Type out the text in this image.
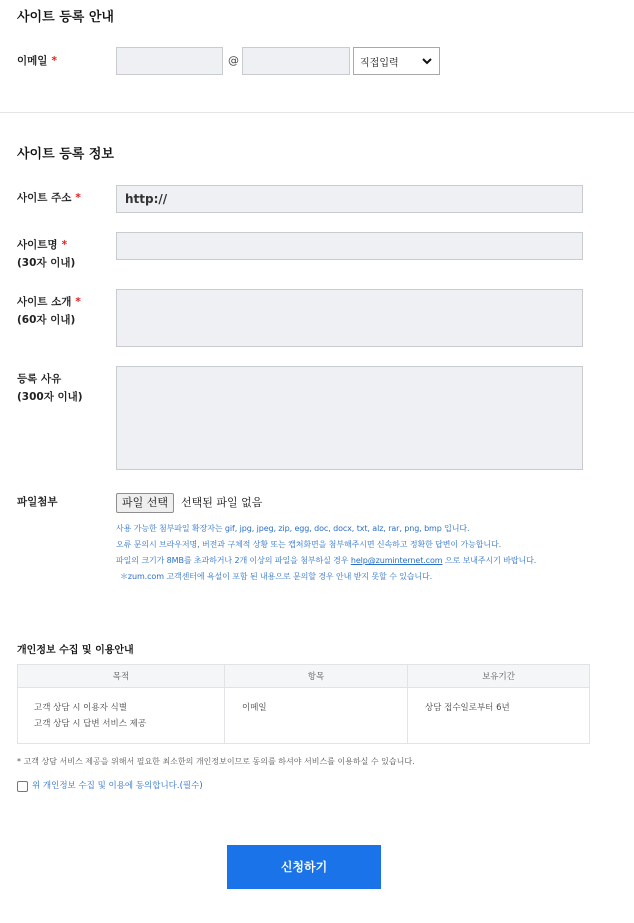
사이트 등록 안내
이메일 *	@	직접입력
사이트 등록 정보
사이트 주소 *	http://
사이트명 *
(30자 이내)
사이트 소개 *
(60자 이내)
등록 사유
(300자 이내)
파일첨부	파일 선택	선택된 파일 없음
사용 가능한 첨부파일 확장자는 gif, jpg, jpeg, zip, egg, doc, docx, txt, alz, rar, png, bmp 입니다.
오류 문의시 브라우저명, 버전과 구체적 상황 또는 캡쳐화면을 첨부해주시면 신속하고 정확한 답변이 가능합니다.
파일의 크기가 8MB를 초과하거나 2개 이상의 파일을 첨부하실 경우 help@zuminternet.com 으로 보내주시기 바랍니다.
＊zum.com 고객센터에 욕설이 포함 된 내용으로 문의할 경우 안내 받지 못할 수 있습니다.
개인정보 수집 및 이용안내
목적	항목	보유기간

고객 상담 시 이용자 식별
고객 상담 시 답변 서비스 제공	이메일	상담 접수일로부터 6년
* 고객 상담 서비스 제공을 위해서 필요한 최소한의 개인정보이므로 동의를 하셔야 서비스를 이용하실 수 있습니다.
위 개인정보 수집 및 이용에 동의합니다.(필수)
신청하기
